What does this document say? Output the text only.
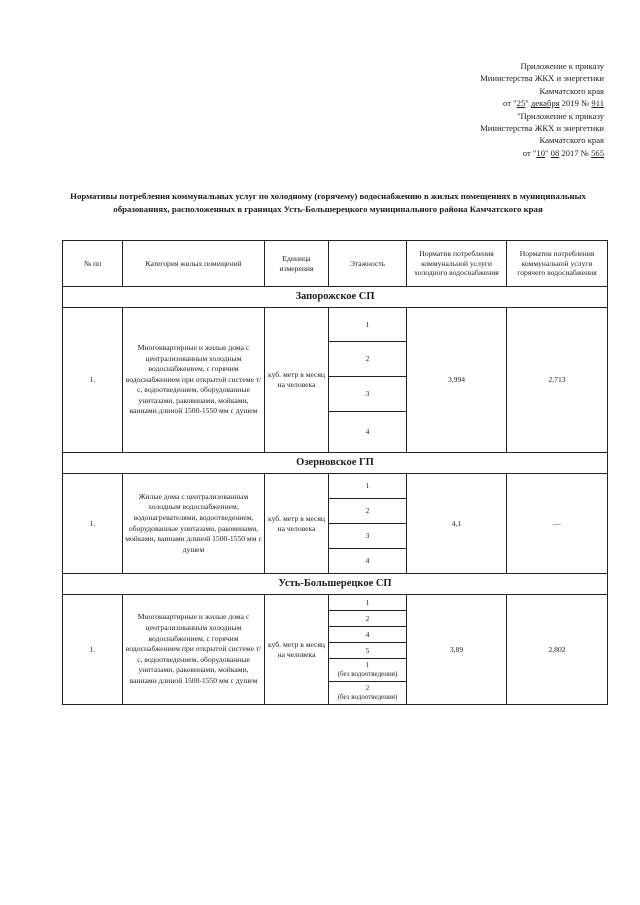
Приложение к приказу
Министерства ЖКХ и энергетики
Камчатского края
от "25" декабря 2019 № 911
"Приложение к приказу
Министерства ЖКХ и энергетики
Камчатского края
от "10" 08 2017 № 565
Нормативы потребления коммунальных услуг по холодному (горячему) водоснабжению в жилых помещениях в муниципальных образованиях, расположенных в границах Усть-Большерецкого муниципального района Камчатского края
№ пп	Категория жилых помещений	Единица измерения	Этажность	Норматив потребления коммунальной услуги холодного водоснабжения	Норматив потребления коммунальной услуги горячего водоснабжения
Запорожское СП					
1.	Многоквартирные и жилые дома с централизованным холодным водоснабжением, с горячим водоснабжением при открытой системе т/с, водоотведением, оборудованные унитазами, раковинами, мойками, ваннами длиной 1500-1550 мм с душем	куб. метр в месяц на человека	1	3,994	2,713
			2		
			3		
			4		
Озерновское ГП					
1.	Жилые дома с централизованным холодным водоснабжением, водонагревателями, водоотведением, оборудованные унитазами, раковинами, мойками, ваннами длиной 1500-1550 мм с душем	куб. метр в месяц на человека	1	4,1	—
			2		
			3		
			4		
Усть-Большерецкое СП					
1.	Многоквартирные и жилые дома с централизованным холодным водоснабжением, с горячим водоснабжением при открытой системе т/с, водоотведением, оборудованные унитазами, раковинами, мойками, ваннами длиной 1500-1550 мм с душем	куб. метр в месяц на человека	1	3,89	2,802
			2		
			4		
			5		

			1
(без водоотведения)		

			2
(без водоотведения)		
